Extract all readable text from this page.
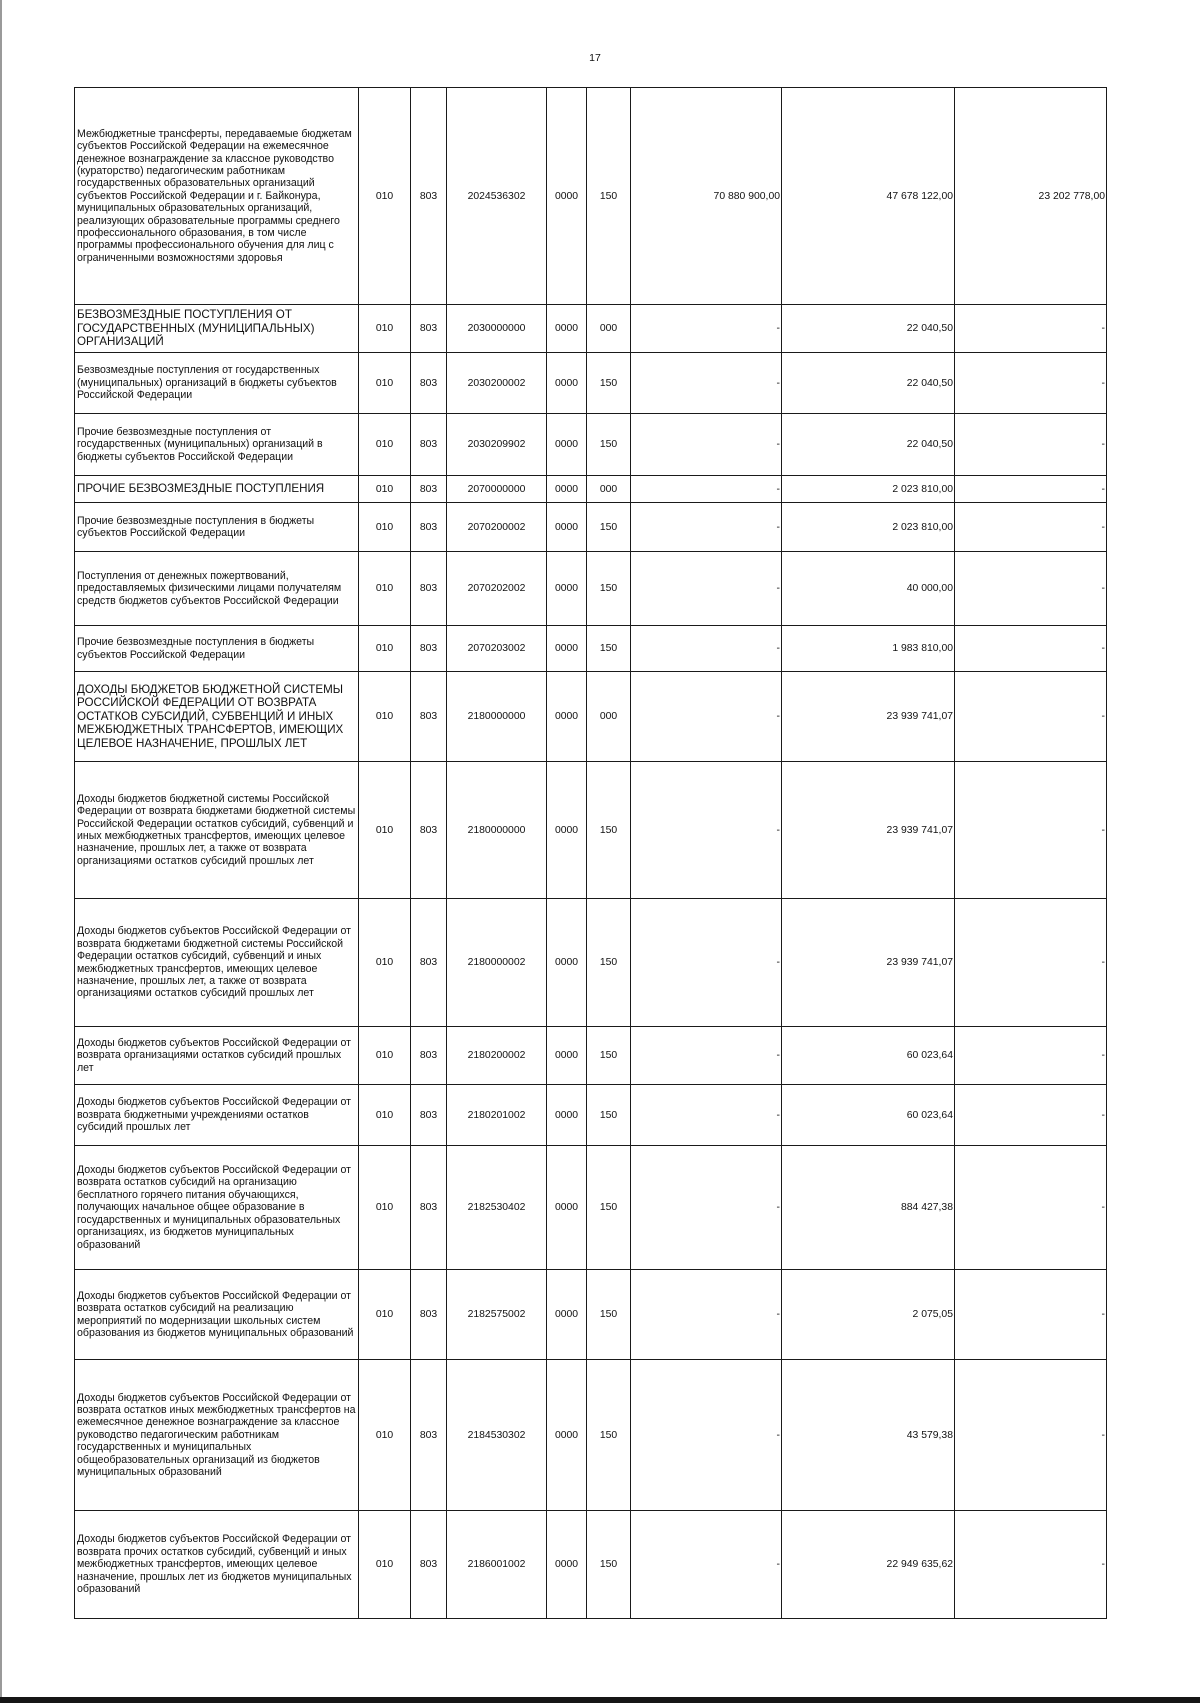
17
Межбюджетные трансферты, передаваемые бюджетам субъектов Российской Федерации на ежемесячное денежное вознаграждение за классное руководство (кураторство) педагогическим работникам государственных образовательных организаций субъектов Российской Федерации и г. Байконура, муниципальных образовательных организаций, реализующих образовательные программы среднего профессионального образования, в том числе программы профессионального обучения для лиц с ограниченными возможностями здоровья	010	803	2024536302	0000	150	70 880 900,00	47 678 122,00	23 202 778,00
БЕЗВОЗМЕЗДНЫЕ ПОСТУПЛЕНИЯ ОТ ГОСУДАРСТВЕННЫХ (МУНИЦИПАЛЬНЫХ) ОРГАНИЗАЦИЙ	010	803	2030000000	0000	000	-	22 040,50	-
Безвозмездные поступления от государственных (муниципальных) организаций в бюджеты субъектов Российской Федерации	010	803	2030200002	0000	150	-	22 040,50	-
Прочие безвозмездные поступления от государственных (муниципальных) организаций в бюджеты субъектов Российской Федерации	010	803	2030209902	0000	150	-	22 040,50	-
ПРОЧИЕ БЕЗВОЗМЕЗДНЫЕ ПОСТУПЛЕНИЯ	010	803	2070000000	0000	000	-	2 023 810,00	-
Прочие безвозмездные поступления в бюджеты субъектов Российской Федерации	010	803	2070200002	0000	150	-	2 023 810,00	-
Поступления от денежных пожертвований, предоставляемых физическими лицами получателям средств бюджетов субъектов Российской Федерации	010	803	2070202002	0000	150	-	40 000,00	-
Прочие безвозмездные поступления в бюджеты субъектов Российской Федерации	010	803	2070203002	0000	150	-	1 983 810,00	-
ДОХОДЫ БЮДЖЕТОВ БЮДЖЕТНОЙ СИСТЕМЫ РОССИЙСКОЙ ФЕДЕРАЦИИ ОТ ВОЗВРАТА ОСТАТКОВ СУБСИДИЙ, СУБВЕНЦИЙ И ИНЫХ МЕЖБЮДЖЕТНЫХ ТРАНСФЕРТОВ, ИМЕЮЩИХ ЦЕЛЕВОЕ НАЗНАЧЕНИЕ, ПРОШЛЫХ ЛЕТ	010	803	2180000000	0000	000	-	23 939 741,07	-
Доходы бюджетов бюджетной системы Российской Федерации от возврата бюджетами бюджетной системы Российской Федерации остатков субсидий, субвенций и иных межбюджетных трансфертов, имеющих целевое назначение, прошлых лет, а также от возврата организациями остатков субсидий прошлых лет	010	803	2180000000	0000	150	-	23 939 741,07	-
Доходы бюджетов субъектов Российской Федерации от возврата бюджетами бюджетной системы Российской Федерации остатков субсидий, субвенций и иных межбюджетных трансфертов, имеющих целевое назначение, прошлых лет, а также от возврата организациями остатков субсидий прошлых лет	010	803	2180000002	0000	150	-	23 939 741,07	-
Доходы бюджетов субъектов Российской Федерации от возврата организациями остатков субсидий прошлых лет	010	803	2180200002	0000	150	-	60 023,64	-
Доходы бюджетов субъектов Российской Федерации от возврата бюджетными учреждениями остатков субсидий прошлых лет	010	803	2180201002	0000	150	-	60 023,64	-
Доходы бюджетов субъектов Российской Федерации от возврата остатков субсидий на организацию бесплатного горячего питания обучающихся, получающих начальное общее образование в государственных и муниципальных образовательных организациях, из бюджетов муниципальных образований	010	803	2182530402	0000	150	-	884 427,38	-
Доходы бюджетов субъектов Российской Федерации от возврата остатков субсидий на реализацию мероприятий по модернизации школьных систем образования из бюджетов муниципальных образований	010	803	2182575002	0000	150	-	2 075,05	-
Доходы бюджетов субъектов Российской Федерации от возврата остатков иных межбюджетных трансфертов на ежемесячное денежное вознаграждение за классное руководство педагогическим работникам государственных и муниципальных общеобразовательных организаций из бюджетов муниципальных образований	010	803	2184530302	0000	150	-	43 579,38	-
Доходы бюджетов субъектов Российской Федерации от возврата прочих остатков субсидий, субвенций и иных межбюджетных трансфертов, имеющих целевое назначение, прошлых лет из бюджетов муниципальных образований	010	803	2186001002	0000	150	-	22 949 635,62	-
